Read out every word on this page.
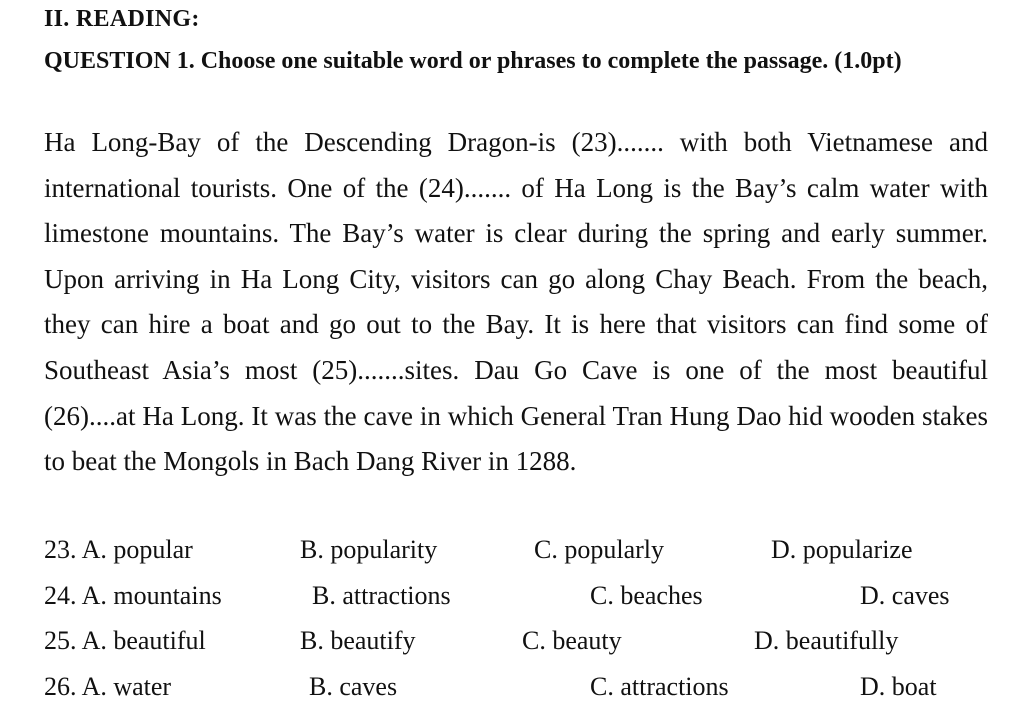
II. READING:
QUESTION 1. Choose one suitable word or phrases to complete the passage. (1.0pt)
Ha Long-Bay of the Descending Dragon-is (23)....... with both Vietnamese and international tourists. One of the (24)....... of Ha Long is the Bay’s calm water with limestone mountains. The Bay’s water is clear during the spring and early summer. Upon arriving in Ha Long City, visitors can go along Chay Beach. From the beach, they can hire a boat and go out to the Bay. It is here that visitors can find some of Southeast Asia’s most (25).......sites. Dau Go Cave is one of the most beautiful (26)....at Ha Long. It was the cave in which General Tran Hung Dao hid wooden stakes to beat the Mongols in Bach Dang River in 1288.
23. A. popular	B. popularity	C. popularly	D. popularize
24. A. mountains	B. attractions	C. beaches	D. caves
25. A. beautiful	B. beautify	C. beauty	D. beautifully
26. A. water	B. caves	C. attractions	D. boat
